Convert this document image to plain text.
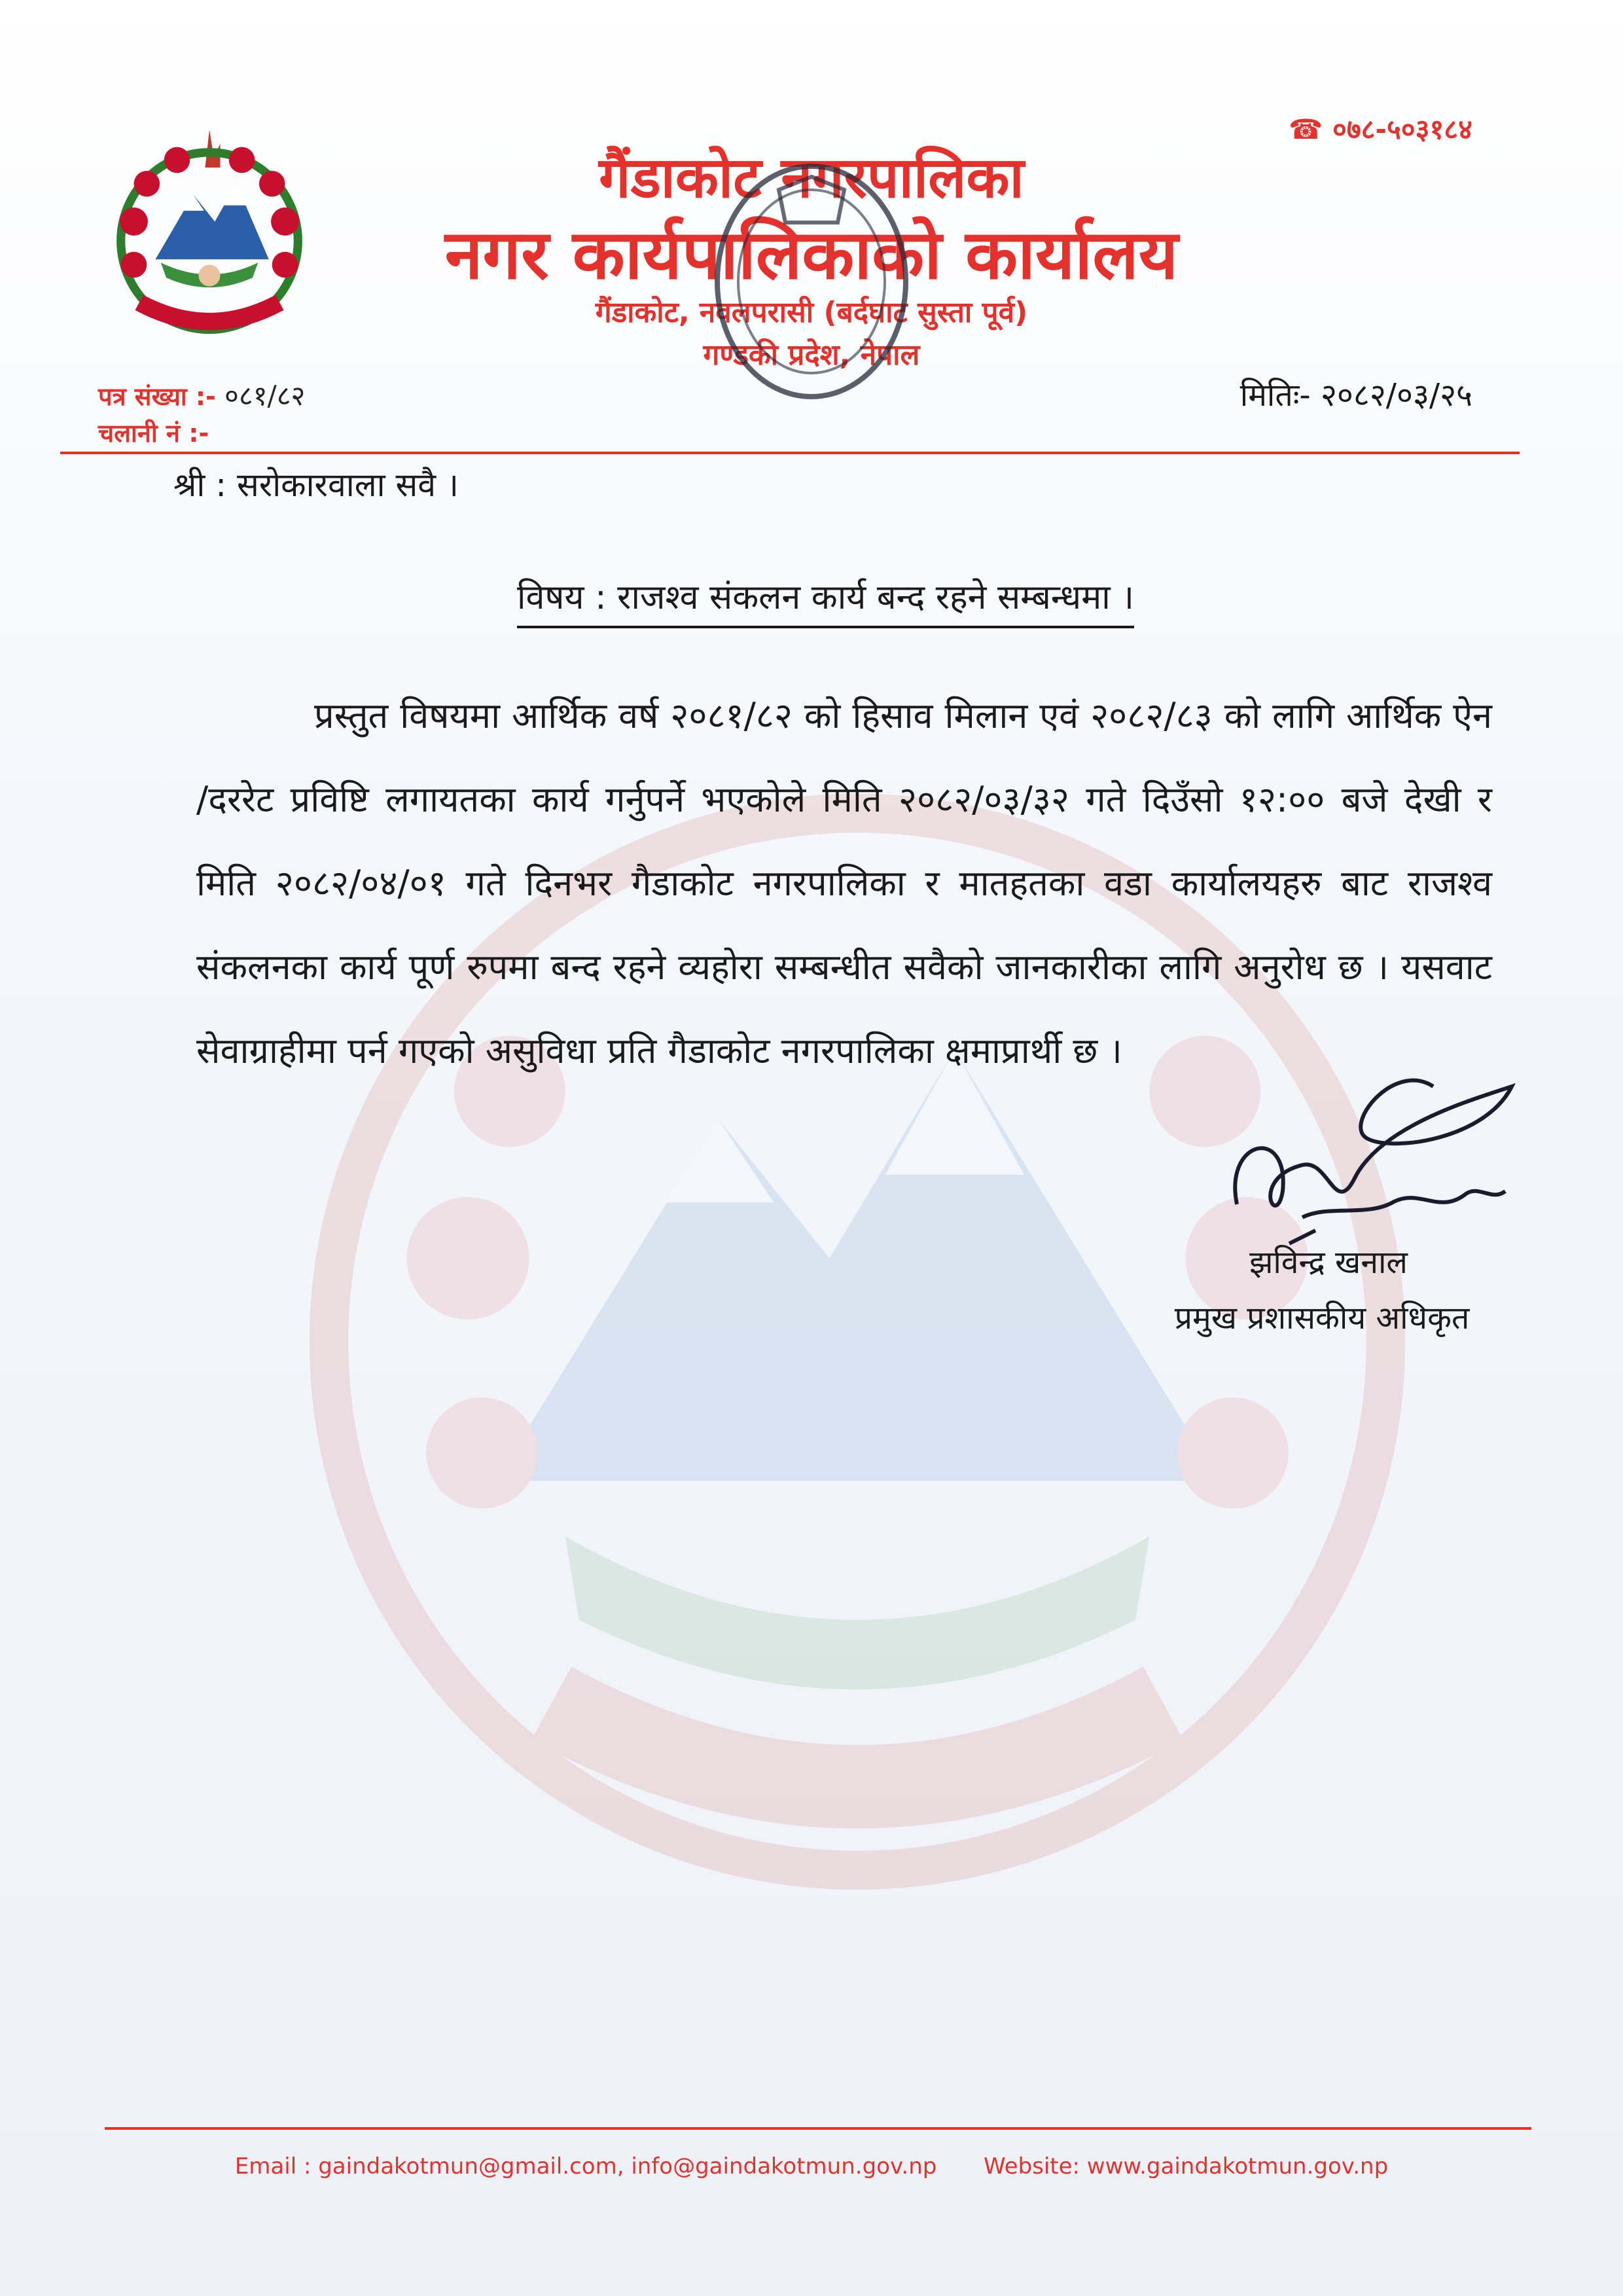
☎ ०७८-५०३१८४
गैंडाकोट नगरपालिका
नगर कार्यपालिकाको कार्यालय
गैंडाकोट, नवलपरासी (बर्दघाट सुस्ता पूर्व)
गण्डकी प्रदेश, नेपाल
पत्र संख्या :- ०८१/८२
चलानी नं :-
मितिः- २०८२/०३/२५
श्री : सरोकारवाला सवै ।
विषय : राजश्व संकलन कार्य बन्द रहने सम्बन्धमा ।
प्रस्तुत विषयमा आर्थिक वर्ष २०८१/८२ को हिसाव मिलान एवं २०८२/८३ को लागि आर्थिक ऐन /दररेट प्रविष्टि लगायतका कार्य गर्नुपर्ने भएकोले मिति २०८२/०३/३२ गते दिउँसो १२:०० बजे देखी र मिति २०८२/०४/०१ गते दिनभर गैडाकोट नगरपालिका र मातहतका वडा कार्यालयहरु बाट राजश्व संकलनका कार्य पूर्ण रुपमा बन्द रहने व्यहोरा सम्बन्धीत सवैको जानकारीका लागि अनुरोध छ । यसवाट सेवाग्राहीमा पर्न गएको असुविधा प्रति गैडाकोट नगरपालिका क्षमाप्रार्थी छ ।
झविन्द्र खनाल
प्रमुख प्रशासकीय अधिकृत
Email : gaindakotmun@gmail.com, info@gaindakotmun.gov.np Website: www.gaindakotmun.gov.np
